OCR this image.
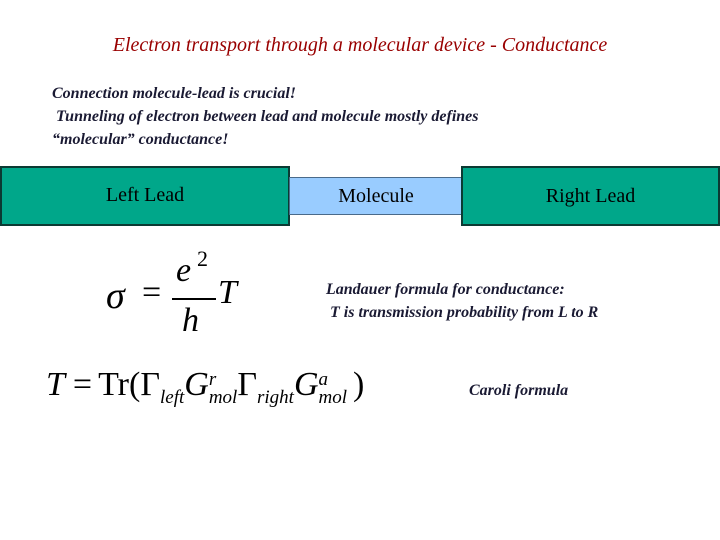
Electron transport through a molecular device - Conductance
Connection molecule-lead is crucial!
Tunneling of electron between lead and molecule mostly defines
“molecular” conductance!
Left Lead	Molecule	Right Lead
σ =
e 2
h
T	Landauer formula for conductance:
T is transmission probability from L to R
$T = Tr(\Gamma_{left}G$ r
mol $\Gamma_{right}G$ a
mol )	Caroli formula
